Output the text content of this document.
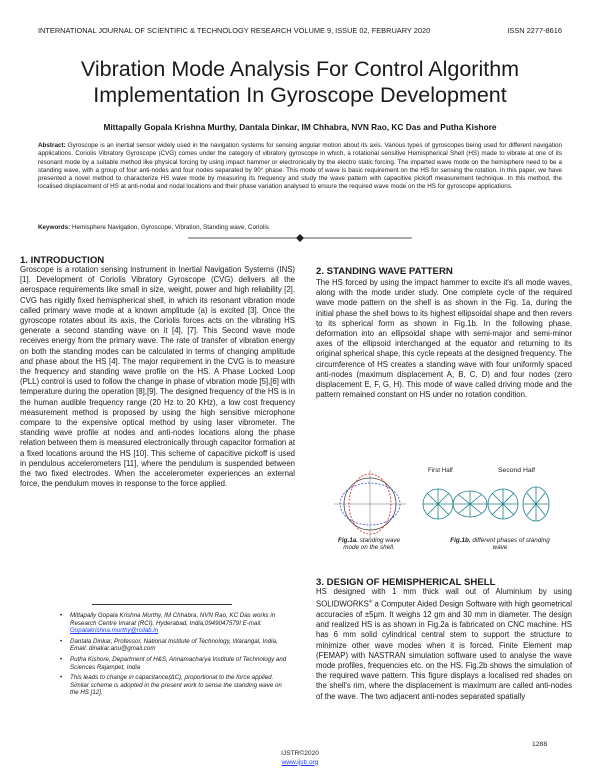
INTERNATIONAL JOURNAL OF SCIENTIFIC & TECHNOLOGY RESEARCH VOLUME 9, ISSUE 02, FEBRUARY 2020	ISSN 2277-8616
Vibration Mode Analysis For Control Algorithm
Implementation In Gyroscope Development
Mittapally Gopala Krishna Murthy, Dantala Dinkar, IM Chhabra, NVN Rao, KC Das and Putha Kishore
Abstract: Gyroscope is an inertial sensor widely used in the navigation systems for sensing angular motion about its axis. Various types of gyroscopes being used for different navigation applications. Coriolis Vibratory Gyroscope (CVG) comes under the category of vibratory gyroscope in which, a rotational sensitive Hemispherical Shell (HS) made to vibrate at one of its resonant mode by a suitable method like physical forcing by using impact hammer or electronically by the electro static forcing. The imparted wave mode on the hemisphere need to be a standing wave, with a group of four anti-nodes and four nodes separated by 90° phase. This mode of wave is basic requirement on the HS for sensing the rotation. In this paper, we have presented a novel method to characterize HS wave mode by measuring its frequency and study the wave pattern with capacitive pickoff measurement technique. In this method, the localised displacement of HS at anti-nodal and nodal locations and their phase variation analysed to ensure the required wave mode on the HS for gyroscope applications.
Keywords: Hemisphere Navigation, Gyroscope, Vibration, Standing wave, Coriolis
1. INTRODUCTION
Groscope is a rotation sensing instrument in Inertial Navigation Systems (INS) [1]. Development of Coriolis Vibratory Gyroscope (CVG) delivers all the aerospace requirements like small in size, weight, power and high reliability [2]. CVG has rigidly fixed hemispherical shell, in which its resonant vibration mode called primary wave mode at a known amplitude (a) is excited [3]. Once the gyroscope rotates about its axis, the Coriolis forces acts on the vibrating HS generate a second standing wave on it [4], [7]. This Second wave mode receives energy from the primary wave. The rate of transfer of vibration energy on both the standing modes can be calculated in terms of changing amplitude and phase about the HS [4]. The major requirement in the CVG is to measure the frequency and standing wave profile on the HS. A Phase Locked Loop (PLL) control is used to follow the change in phase of vibration mode [5],[6] with temperature during the operation [8],[9]. The designed frequency of the HS is in the human audible frequency range (20 Hz to 20 KHz), a low cost frequency measurement method is proposed by using the high sensitive microphone compare to the expensive optical method by using laser vibrometer. The standing wave profile at nodes and anti-nodes locations along the phase relation between them is measured electronically through capacitor formation at a fixed locations around the HS [10]. This scheme of capacitive pickoff is used in pendulous accelerometers [11], where the pendulum is suspended between the two fixed electrodes. When the accelerometer experiences an external force, the pendulum moves in response to the force applied.
• Mittapally Gopala Krishna Murthy, IM Chhabra, NVN Rao, KC Das works in Research Centre Imarat (RCI), Hyderabad, India,0949047579I E-mail: Gopalakrishna.murthy@rcilab.in
• Dantala Dinkar, Professor, National Institute of Technology, Warangal, India, Email: dinakar.anu@gmail.com
• Putha Kishore, Department of H&S, Annamacharya Institute of Technology and Sciences Rajampet, India
• This leads to change in capacitance(ΔC), proportional to the force applied. Similar scheme is adopted in the present work to sense the standing wave on the HS [12].
2. STANDING WAVE PATTERN
The HS forced by using the impact hammer to excite it's all mode waves, along with the mode under study. One complete cycle of the required wave mode pattern on the shell is as shown in the Fig. 1a, during the initial phase the shell bows to its highest ellipsoidal shape and then revers to its spherical form as shown in Fig.1b. In the following phase, deformation into an ellipsoidal shape with semi-major and semi-minor axes of the ellipsoid interchanged at the equator and returning to its original spherical shape, this cycle repeats at the designed frequency. The circumference of HS creates a standing wave with four uniformly spaced anti-nodes (maximum displacement A, B, C, D) and four nodes (zero displacement E, F, G, H). This mode of wave called driving mode and the pattern remained constant on HS under no rotation condition.
First Half	Second Half
Fig.1a. standing wave mode on the shell.
Fig.1b. different phases of standing wave
3. DESIGN OF HEMISPHERICAL SHELL
HS designed with 1 mm thick wall out of Aluminium by using SOLIDWORKS® a Computer Aided Design Software with high geometrical accuracies of ±5μm. It weighs 12 gm and 30 mm in diameter. The design and realized HS is as shown in Fig.2a is fabricated on CNC machine. HS has 6 mm solid cylindrical central stem to support the structure to minimize other wave modes when it is forced. Finite Element map (FEMAP) with NASTRAN simulation software used to analyse the wave mode profiles, frequencies etc. on the HS. Fig.2b shows the simulation of the required wave pattern. This figure displays a localised red shades on the shell's rim, where the displacement is maximum are called anti-nodes of the wave. The two adjacent anti-nodes separated spatially
1288
IJSTR©2020
www.ijstr.org
